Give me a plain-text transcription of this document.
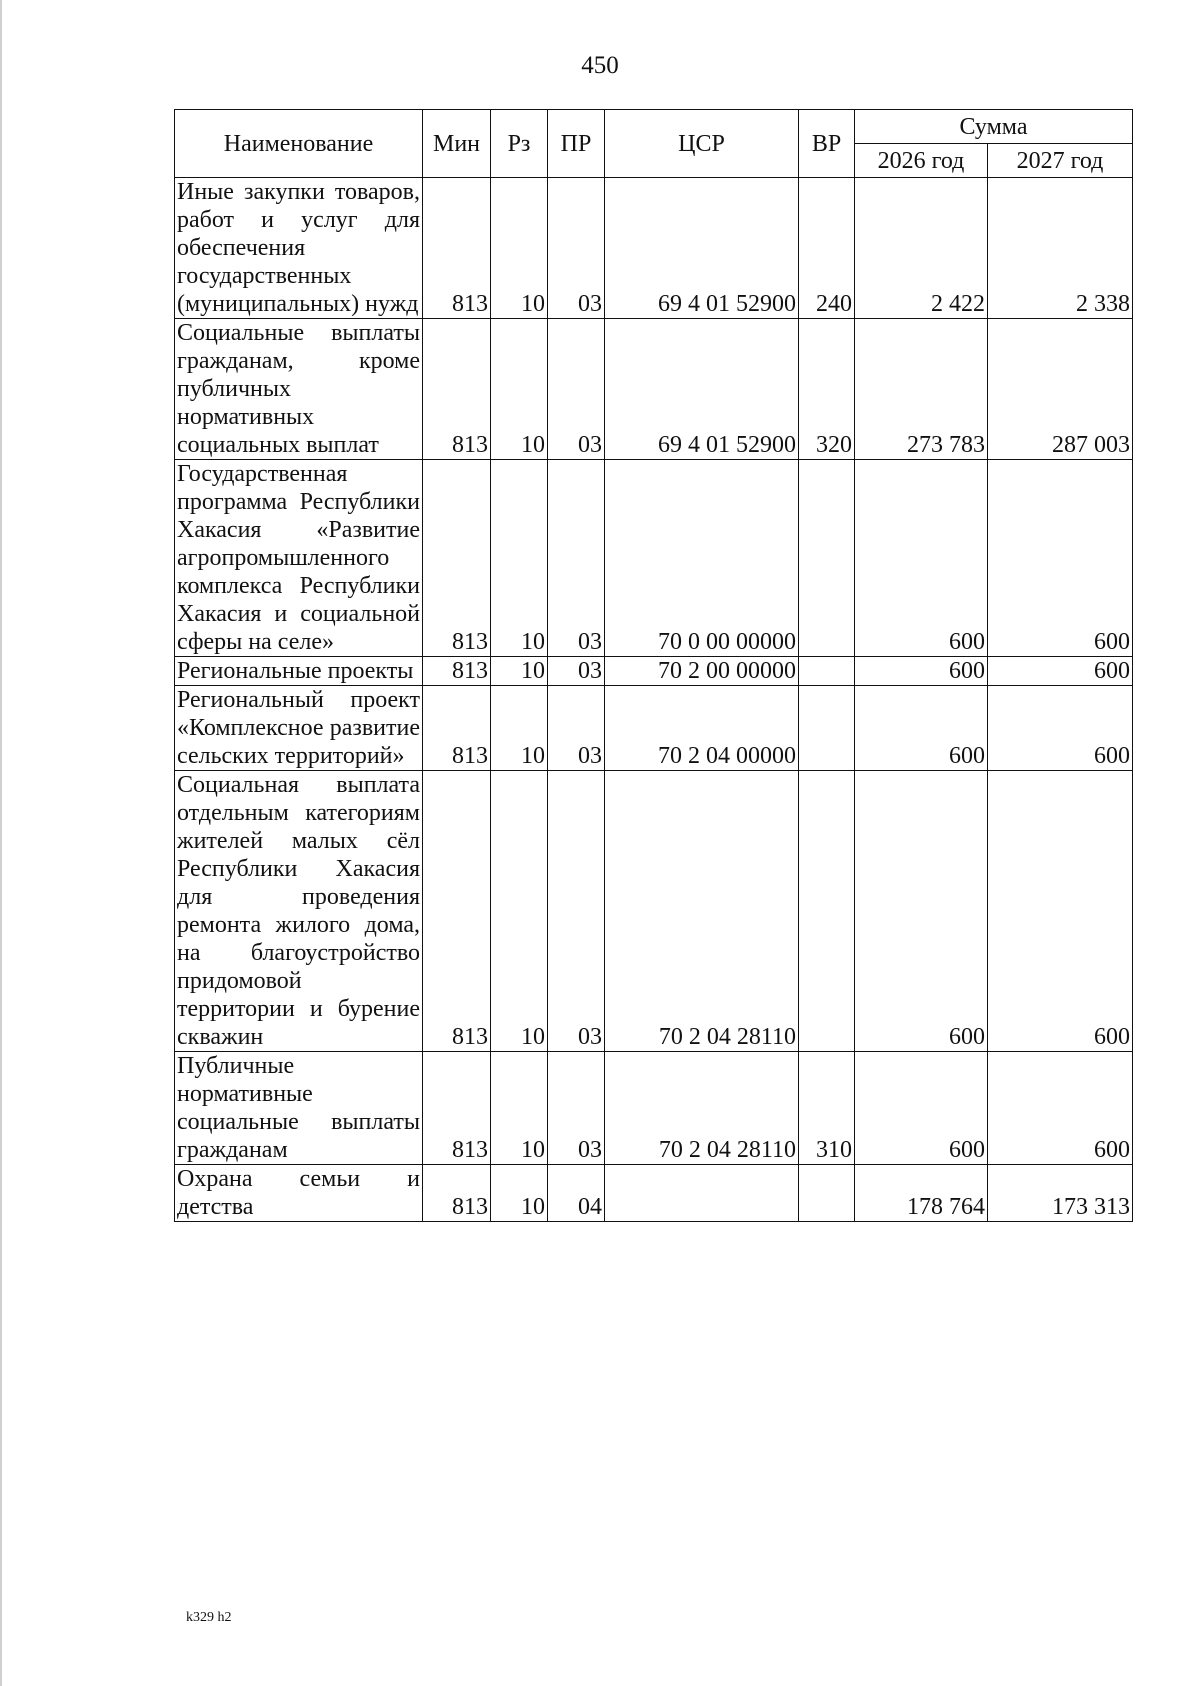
450
Наименование	Мин	Рз	ПР	ЦСР	ВР	Сумма	
						2026 год	2027 год
Иные закупки товаров, работ и услуг для обеспечения государственных (муниципальных) нужд	813	10	03	69 4 01 52900	240	2 422	2 338
Социальные выплаты гражданам, кроме публичных нормативных социальных выплат	813	10	03	69 4 01 52900	320	273 783	287 003
Государственная программа Республики Хакасия «Развитие агропромышленного комплекса Республики Хакасия и социальной сферы на селе»	813	10	03	70 0 00 00000		600	600
Региональные проекты	813	10	03	70 2 00 00000		600	600
Региональный проект «Комплексное развитие сельских территорий»	813	10	03	70 2 04 00000		600	600
Социальная выплата отдельным категориям жителей малых сёл Республики Хакасия для проведения ремонта жилого дома, на благоустройство придомовой территории и бурение скважин	813	10	03	70 2 04 28110		600	600
Публичные нормативные социальные выплаты гражданам	813	10	03	70 2 04 28110	310	600	600
Охрана семьи и детства	813	10	04			178 764	173 313
k329 h2
